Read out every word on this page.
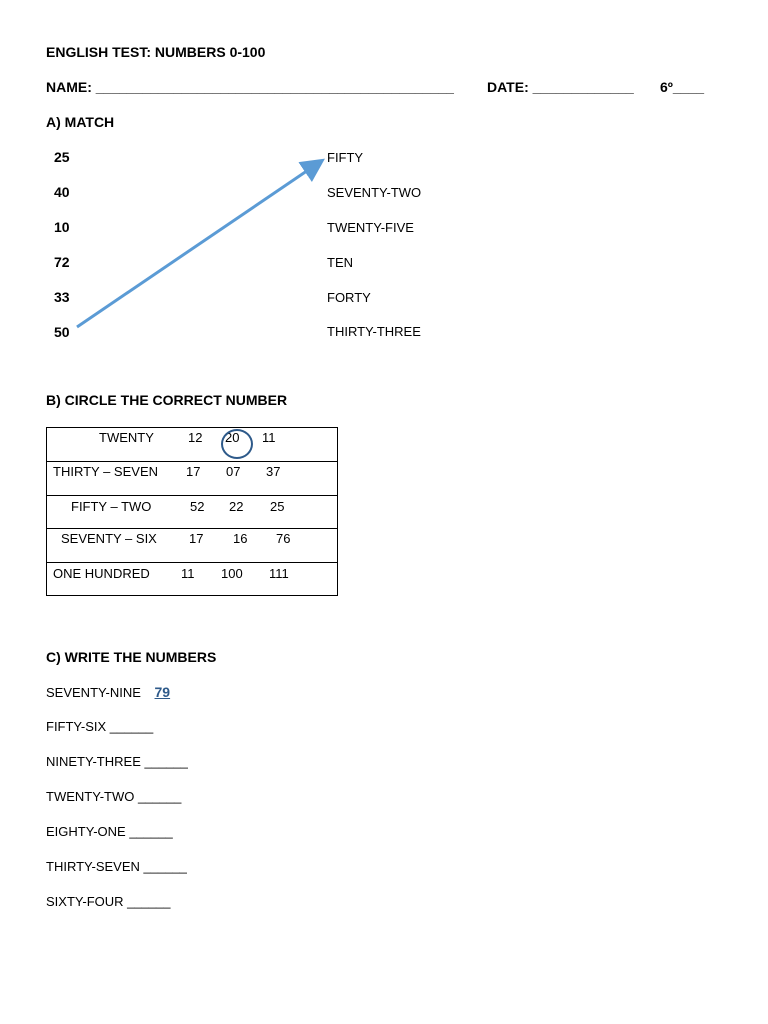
ENGLISH TEST: NUMBERS 0-100
NAME: ______________________________________________ DATE: _____________ 6º____
A) MATCH
25
40
10
72
33
50
FIFTY
SEVENTY-TWO
TWENTY-FIVE
TEN
FORTY
THIRTY-THREE
B) CIRCLE THE CORRECT NUMBER
TWENTY	12 20 11
THIRTY – SEVEN 17 07 37
FIFTY – TWO	52 22 25
SEVENTY – SIX 17 16 76
ONE HUNDRED 11 100 111
C) WRITE THE NUMBERS
SEVENTY-NINE 79
FIFTY-SIX ______
NINETY-THREE ______
TWENTY-TWO ______
EIGHTY-ONE ______
THIRTY-SEVEN ______
SIXTY-FOUR ______
